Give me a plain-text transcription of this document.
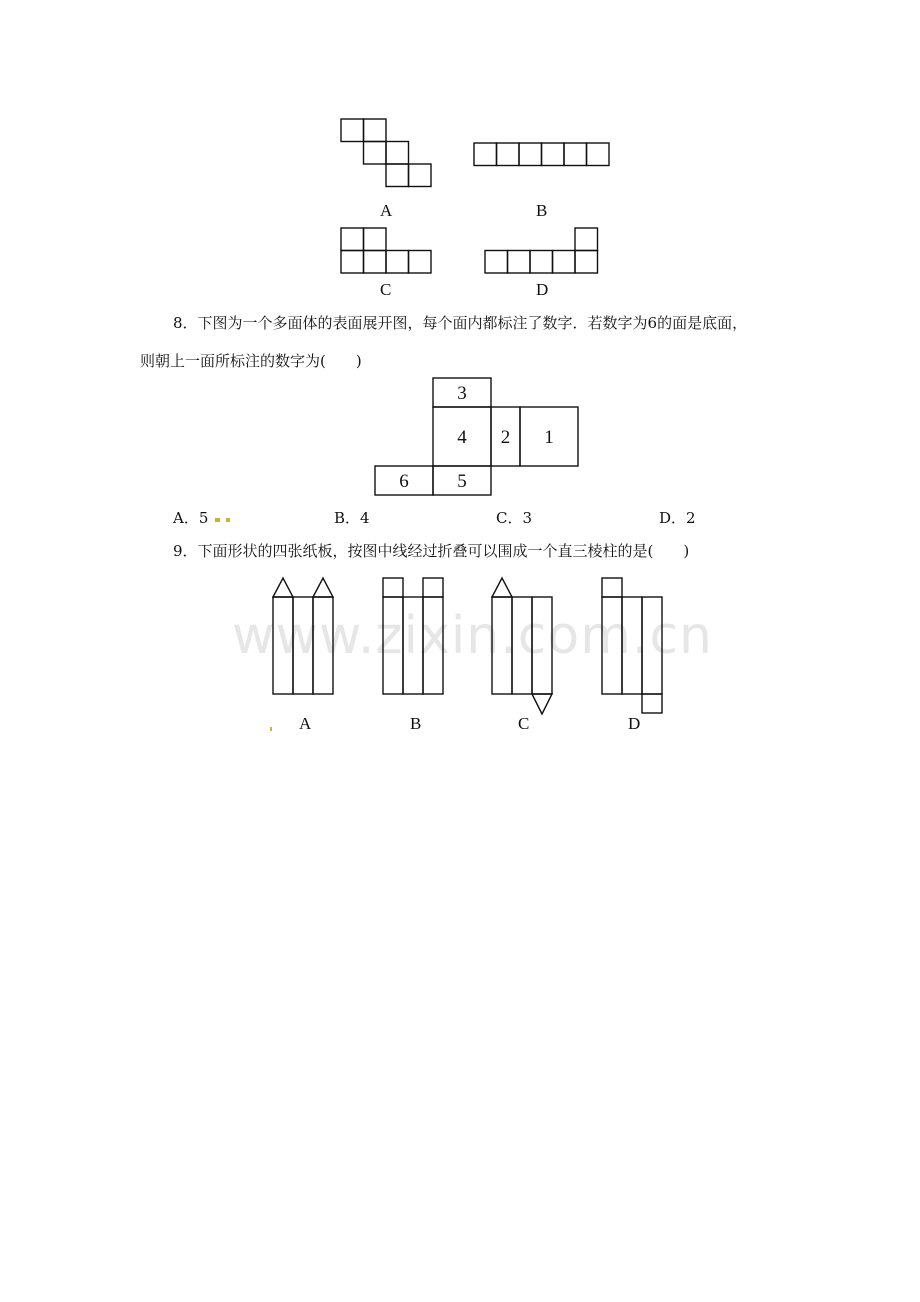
www.zixin.com.cn
A	B
C	D
8．下图为一个多面体的表面展开图，每个面内都标注了数字．若数字为6的面是底面，
则朝上一面所标注的数字为(　　)
3
4 2 1
6	5
A．5	B．4	C．3	D．2
9．下面形状的四张纸板，按图中线经过折叠可以围成一个直三棱柱的是(　　)
A	B	C	D
